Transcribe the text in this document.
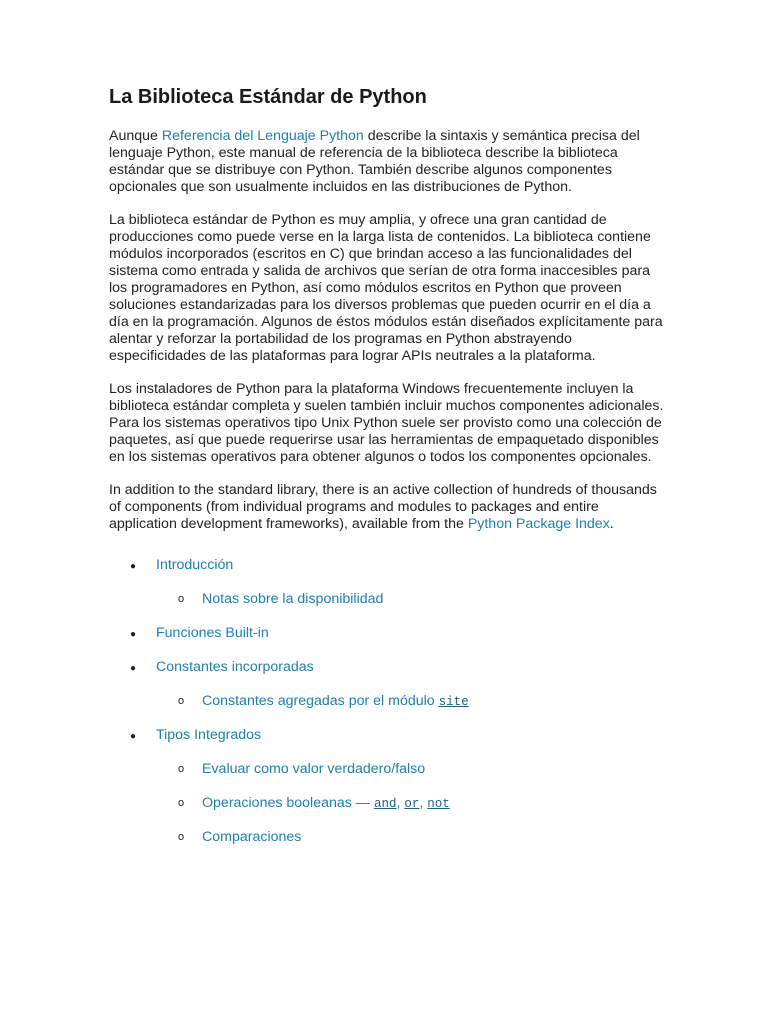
La Biblioteca Estándar de Python

Aunque Referencia del Lenguaje Python describe la sintaxis y semántica precisa del lenguaje Python, este manual de referencia de la biblioteca describe la biblioteca estándar que se distribuye con Python. También describe algunos componentes opcionales que son usualmente incluidos en las distribuciones de Python.

La biblioteca estándar de Python es muy amplia, y ofrece una gran cantidad de producciones como puede verse en la larga lista de contenidos. La biblioteca contiene módulos incorporados (escritos en C) que brindan acceso a las funcionalidades del sistema como entrada y salida de archivos que serían de otra forma inaccesibles para los programadores en Python, así como módulos escritos en Python que proveen soluciones estandarizadas para los diversos problemas que pueden ocurrir en el día a día en la programación. Algunos de éstos módulos están diseñados explícitamente para alentar y reforzar la portabilidad de los programas en Python abstrayendo especificidades de las plataformas para lograr APIs neutrales a la plataforma.

Los instaladores de Python para la plataforma Windows frecuentemente incluyen la biblioteca estándar completa y suelen también incluir muchos componentes adicionales. Para los sistemas operativos tipo Unix Python suele ser provisto como una colección de paquetes, así que puede requerirse usar las herramientas de empaquetado disponibles en los sistemas operativos para obtener algunos o todos los componentes opcionales.

In addition to the standard library, there is an active collection of hundreds of thousands of components (from individual programs and modules to packages and entire application development frameworks), available from the Python Package Index.

● Introducción
o Notas sobre la disponibilidad
● Funciones Built-in
● Constantes incorporadas
o Constantes agregadas por el módulo site
● Tipos Integrados
o Evaluar como valor verdadero/falso
o Operaciones booleanas — and, or, not
o Comparaciones
